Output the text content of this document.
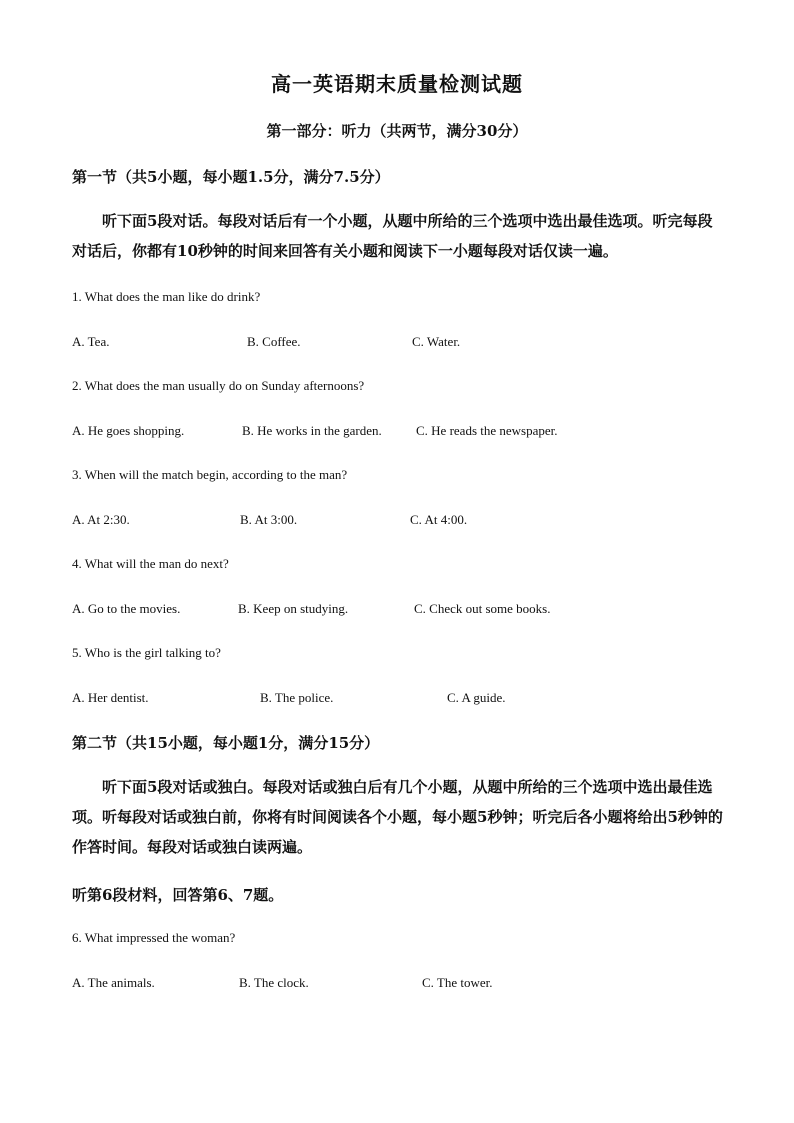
高一英语期末质量检测试题
第一部分：听力（共两节，满分30分）
第一节（共5小题，每小题1.5分，满分7.5分）
听下面5段对话。每段对话后有一个小题，从题中所给的三个选项中选出最佳选项。听完每段对话后，你都有10秒钟的时间来回答有关小题和阅读下一小题每段对话仅读一遍。
1. What does the man like do drink?
A. Tea.	B. Coffee.	C. Water.
2. What does the man usually do on Sunday afternoons?
A. He goes shopping.	B. He works in the garden.	C. He reads the newspaper.
3. When will the match begin, according to the man?
A. At 2:30.	B. At 3:00.	C. At 4:00.
4. What will the man do next?
A. Go to the movies.	B. Keep on studying.	C. Check out some books.
5. Who is the girl talking to?
A. Her dentist.	B. The police.	C. A guide.
第二节（共15小题，每小题1分，满分15分）
听下面5段对话或独白。每段对话或独白后有几个小题，从题中所给的三个选项中选出最佳选项。听每段对话或独白前，你将有时间阅读各个小题，每小题5秒钟；听完后各小题将给出5秒钟的作答时间。每段对话或独白读两遍。
听第6段材料，回答第6、7题。
6. What impressed the woman?
A. The animals.	B. The clock.	C. The tower.
